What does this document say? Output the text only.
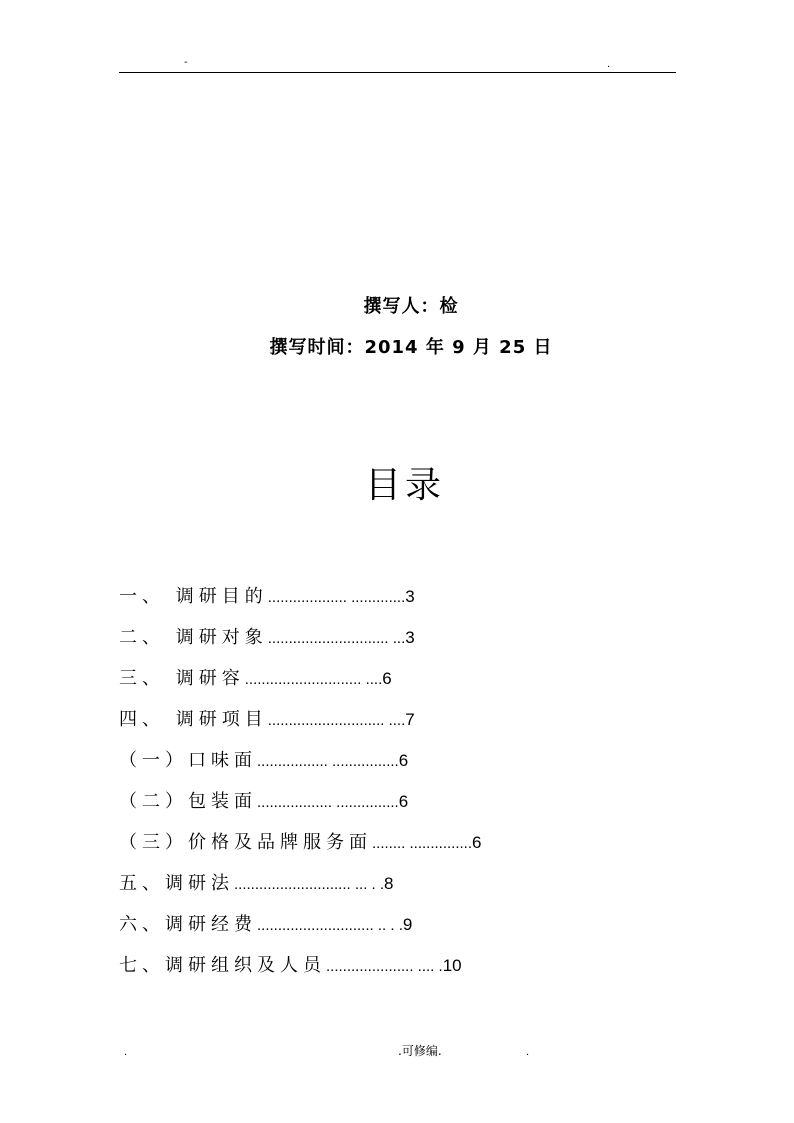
-	.
撰写人：检
撰写时间：2014 年 9 月 25 日
目录
一、 调研目的................... .............3
二、 调研对象............................. ...3
三、 调研容............................ ....6
四、 调研项目............................ ....7
（一）口味面................. ................6
（二）包装面.................. ...............6
（三）价格及品牌服务面........ ...............6
五、调研法............................ ... . .8
六、调研经费............................ .. . .9
七、调研组织及人员..................... .... .10
.	.可修编.	.
